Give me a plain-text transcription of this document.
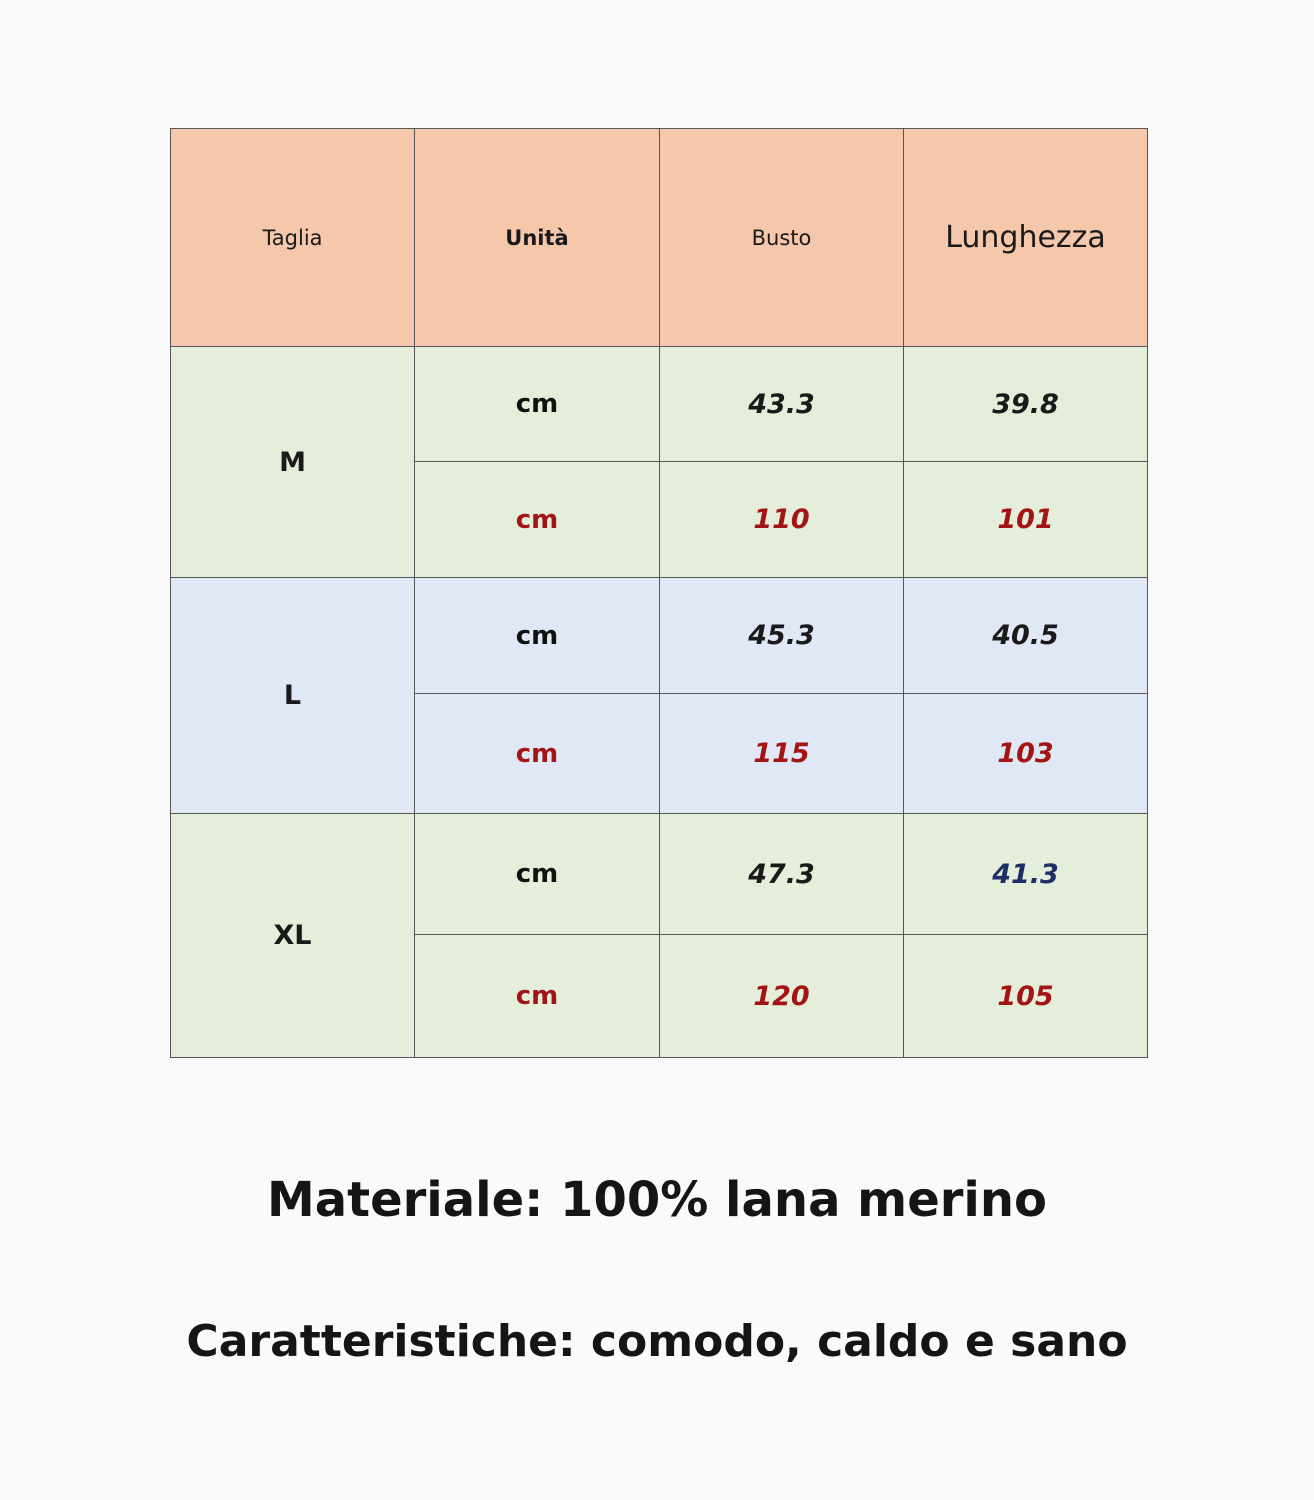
Taglia	Unità	Busto	Lunghezza
M	cm	43.3	39.8
	cm	110	101
L	cm	45.3	40.5
	cm	115	103
XL	cm	47.3	41.3
	cm	120	105
Materiale: 100% lana merino
Caratteristiche: comodo, caldo e sano
